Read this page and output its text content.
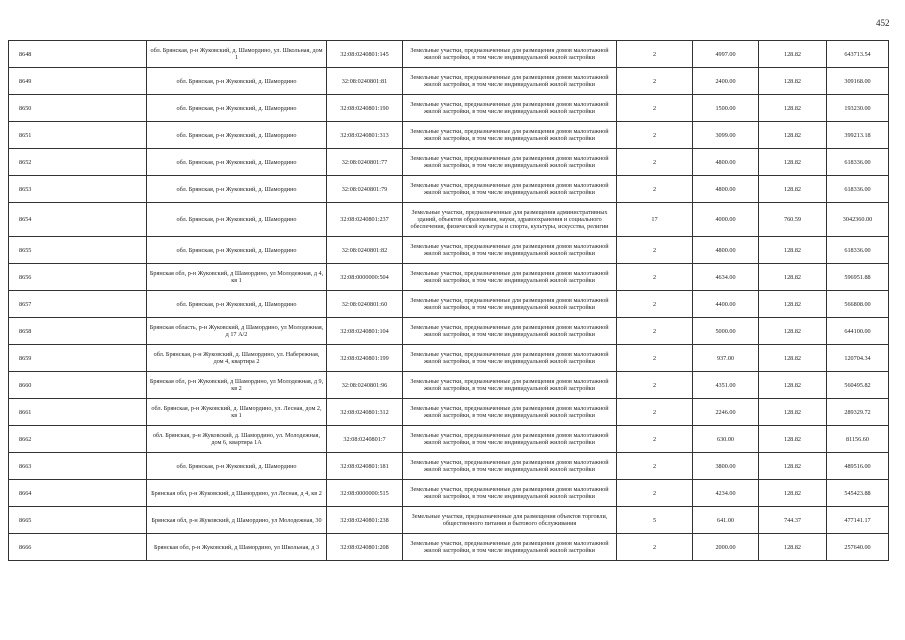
452
8648	обл. Брянская, р-н Жуковский, д. Шамордино, ул. Школьная, дом 1	32:08:0240801:145	Земельные участки, предназначенные для размещения домов малоэтажной жилой застройки, в том числе индивидуальной жилой застройки	2	4997.00	128.82	643713.54
8649	обл. Брянская, р-н Жуковский, д. Шамордино	32:08:0240801:81	Земельные участки, предназначенные для размещения домов малоэтажной жилой застройки, в том числе индивидуальной жилой застройки	2	2400.00	128.82	309168.00
8650	обл. Брянская, р-н Жуковский, д. Шамордино	32:08:0240801:190	Земельные участки, предназначенные для размещения домов малоэтажной жилой застройки, в том числе индивидуальной жилой застройки	2	1500.00	128.82	193230.00
8651	обл. Брянская, р-н Жуковский, д. Шамордино	32:08:0240801:313	Земельные участки, предназначенные для размещения домов малоэтажной жилой застройки, в том числе индивидуальной жилой застройки	2	3099.00	128.82	399213.18
8652	обл. Брянская, р-н Жуковский, д. Шамордино	32:08:0240801:77	Земельные участки, предназначенные для размещения домов малоэтажной жилой застройки, в том числе индивидуальной жилой застройки	2	4800.00	128.82	618336.00
8653	обл. Брянская, р-н Жуковский, д. Шамордино	32:08:0240801:79	Земельные участки, предназначенные для размещения домов малоэтажной жилой застройки, в том числе индивидуальной жилой застройки	2	4800.00	128.82	618336.00
8654	обл. Брянская, р-н Жуковский, д. Шамордино	32:08:0240801:237	Земельные участки, предназначенные для размещения административных зданий, объектов образования, науки, здравоохранения и социального обеспечения, физической культуры и спорта, культуры, искусства, религии	17	4000.00	760.59	3042360.00
8655	обл. Брянская, р-н Жуковский, д. Шамордино	32:08:0240801:82	Земельные участки, предназначенные для размещения домов малоэтажной жилой застройки, в том числе индивидуальной жилой застройки	2	4800.00	128.82	618336.00
8656	Брянская обл, р-н Жуковский, д Шамордино, ул Молодежная, д 4, кв 1	32:08:0000000:504	Земельные участки, предназначенные для размещения домов малоэтажной жилой застройки, в том числе индивидуальной жилой застройки	2	4634.00	128.82	596951.88
8657	обл. Брянская, р-н Жуковский, д. Шамордино	32:08:0240801:60	Земельные участки, предназначенные для размещения домов малоэтажной жилой застройки, в том числе индивидуальной жилой застройки	2	4400.00	128.82	566808.00
8658	Брянская область, р-н Жуковский, д Шамордино, ул Молодежная, д 17 А/2	32:08:0240801:104	Земельные участки, предназначенные для размещения домов малоэтажной жилой застройки, в том числе индивидуальной жилой застройки	2	5000.00	128.82	644100.00
8659	обл. Брянская, р-н Жуковский, д. Шамордино, ул. Набережная, дом 4, квартира 2	32:08:0240801:199	Земельные участки, предназначенные для размещения домов малоэтажной жилой застройки, в том числе индивидуальной жилой застройки	2	937.00	128.82	120704.34
8660	Брянская обл, р-н Жуковский, д Шамордино, ул Молодежная, д 9, кв 2	32:08:0240801:96	Земельные участки, предназначенные для размещения домов малоэтажной жилой застройки, в том числе индивидуальной жилой застройки	2	4351.00	128.82	560495.82
8661	обл. Брянская, р-н Жуковский, д. Шамордино, ул. Лесная, дом 2, кв 1	32:08:0240801:312	Земельные участки, предназначенные для размещения домов малоэтажной жилой застройки, в том числе индивидуальной жилой застройки	2	2246.00	128.82	289329.72
8662	обл. Брянская, р-н Жуковский, д. Шамордино, ул. Молодежная, дом 6, квартира 1А	32:08:0240801:7	Земельные участки, предназначенные для размещения домов малоэтажной жилой застройки, в том числе индивидуальной жилой застройки	2	630.00	128.82	81156.60
8663	обл. Брянская, р-н Жуковский, д. Шамордино	32:08:0240801:181	Земельные участки, предназначенные для размещения домов малоэтажной жилой застройки, в том числе индивидуальной жилой застройки	2	3800.00	128.82	489516.00
8664	Брянская обл, р-н Жуковский, д Шамордино, ул Лесная, д 4, кв 2	32:08:0000000:515	Земельные участки, предназначенные для размещения домов малоэтажной жилой застройки, в том числе индивидуальной жилой застройки	2	4234.00	128.82	545423.88
8665	Брянская обл, р-н Жуковский, д Шамордино, ул Молодежная, 30	32:08:0240801:238	Земельные участки, предназначенные для размещения объектов торговли, общественного питания и бытового обслуживания	5	641.00	744.37	477141.17
8666	Брянская обл, р-н Жуковский, д Шамордино, ул Школьная, д 3	32:08:0240801:208	Земельные участки, предназначенные для размещения домов малоэтажной жилой застройки, в том числе индивидуальной жилой застройки	2	2000.00	128.82	257640.00
